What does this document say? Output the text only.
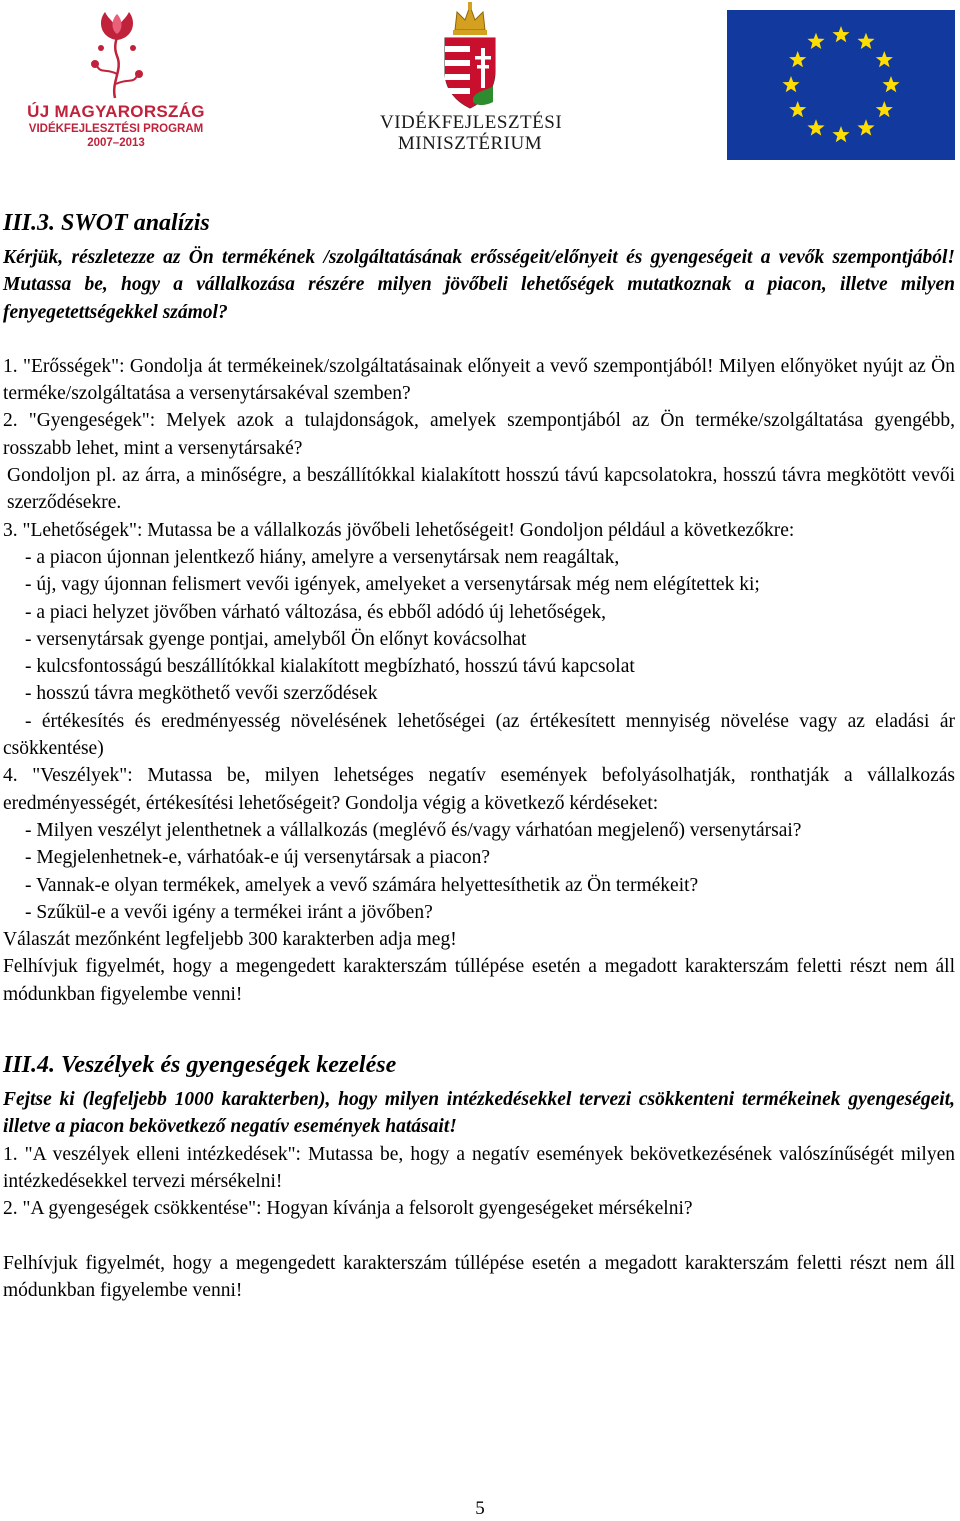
ÚJ MAGYARORSZÁG
VIDÉKFEJLESZTÉSI PROGRAM
2007–2013
VIDÉKFEJLESZTÉSI
MINISZTÉRIUM
III.3. SWOT analízis

Kérjük, részletezze az Ön termékének /szolgáltatásának erősségeit/előnyeit és gyengeségeit a vevők szempontjából! Mutassa be, hogy a vállalkozása részére milyen jövőbeli lehetőségek mutatkoznak a piacon, illetve milyen fenyegetettségekkel számol?

1. "Erősségek": Gondolja át termékeinek/szolgáltatásainak előnyeit a vevő szempontjából! Milyen előnyöket nyújt az Ön terméke/szolgáltatása a versenytársakéval szemben?

2. "Gyengeségek": Melyek azok a tulajdonságok, amelyek szempontjából az Ön terméke/szolgáltatása gyengébb, rosszabb lehet, mint a versenytársaké?

Gondoljon pl. az árra, a minőségre, a beszállítókkal kialakított hosszú távú kapcsolatokra, hosszú távra megkötött vevői szerződésekre.

3. "Lehetőségek": Mutassa be a vállalkozás jövőbeli lehetőségeit! Gondoljon például a következőkre:

- a piacon újonnan jelentkező hiány, amelyre a versenytársak nem reagáltak,

- új, vagy újonnan felismert vevői igények, amelyeket a versenytársak még nem elégítettek ki;

- a piaci helyzet jövőben várható változása, és ebből adódó új lehetőségek,

- versenytársak gyenge pontjai, amelyből Ön előnyt kovácsolhat

- kulcsfontosságú beszállítókkal kialakított megbízható, hosszú távú kapcsolat

- hosszú távra megköthető vevői szerződések

- értékesítés és eredményesség növelésének lehetőségei (az értékesített mennyiség növelése vagy az eladási ár csökkentése)

4. "Veszélyek": Mutassa be, milyen lehetséges negatív események befolyásolhatják, ronthatják a vállalkozás eredményességét, értékesítési lehetőségeit? Gondolja végig a következő kérdéseket:

- Milyen veszélyt jelenthetnek a vállalkozás (meglévő és/vagy várhatóan megjelenő) versenytársai?

- Megjelenhetnek-e, várhatóak-e új versenytársak a piacon?

- Vannak-e olyan termékek, amelyek a vevő számára helyettesíthetik az Ön termékeit?

- Szűkül-e a vevői igény a termékei iránt a jövőben?

Válaszát mezőnként legfeljebb 300 karakterben adja meg!

Felhívjuk figyelmét, hogy a megengedett karakterszám túllépése esetén a megadott karakterszám feletti részt nem áll módunkban figyelembe venni!

III.4. Veszélyek és gyengeségek kezelése

Fejtse ki (legfeljebb 1000 karakterben), hogy milyen intézkedésekkel tervezi csökkenteni termékeinek gyengeségeit, illetve a piacon bekövetkező negatív események hatásait!

1. "A veszélyek elleni intézkedések": Mutassa be, hogy a negatív események bekövetkezésének valószínűségét milyen intézkedésekkel tervezi mérsékelni!

2. "A gyengeségek csökkentése": Hogyan kívánja a felsorolt gyengeségeket mérsékelni?

Felhívjuk figyelmét, hogy a megengedett karakterszám túllépése esetén a megadott karakterszám feletti részt nem áll módunkban figyelembe venni!

5
